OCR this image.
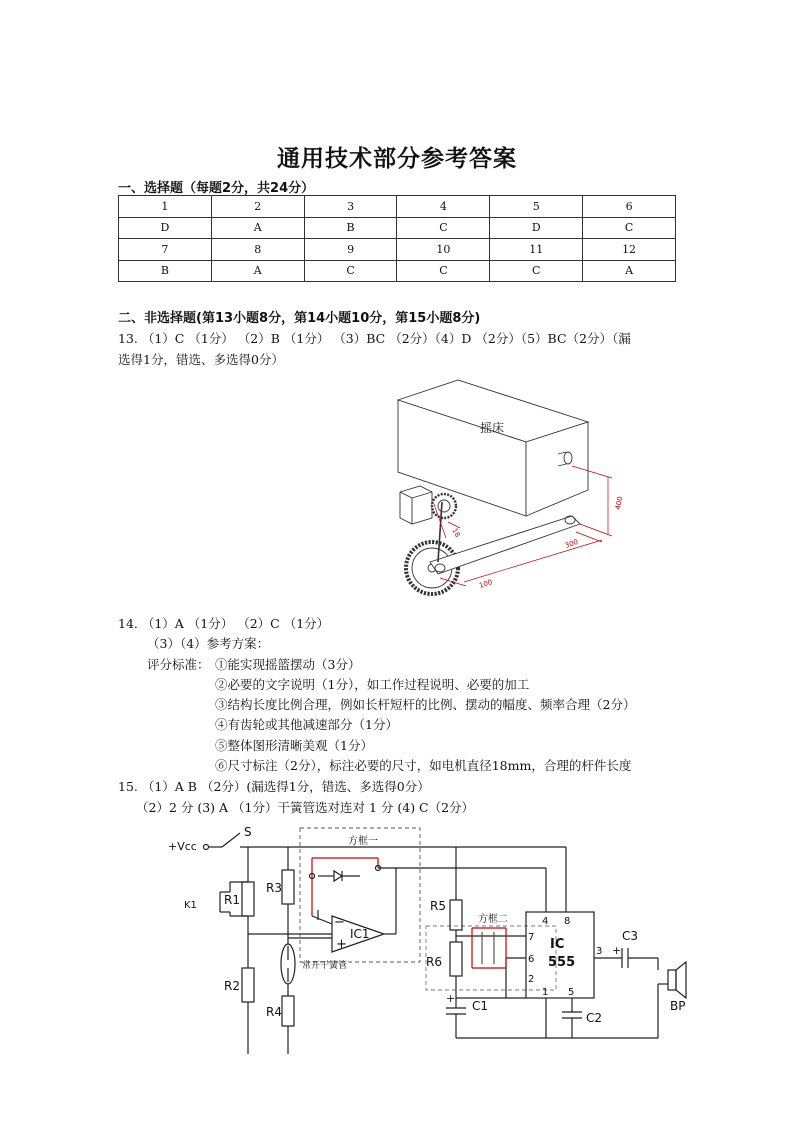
通用技术部分参考答案
一、选择题（每题2分，共24分）
1	2	3	4	5	6
D	A	B	C	D	C
7	8	9	10	11	12
B	A	C	C	C	A
二、非选择题(第13小题8分，第14小题10分，第15小题8分)
13. （1）C （1分） （2）B （1分） （3）BC （2分）（4）D （2分）（5）BC（2分）（漏
选得1分，错选、多选得0分）
400
300
100
18
摇床
14. （1）A （1分） （2）C （1分）
（3）（4）参考方案：
评分标准： ①能实现摇篮摆动（3分）
②必要的文字说明（1分），如工作过程说明、必要的加工
③结构长度比例合理，例如长杆短杆的比例、摆动的幅度、频率合理（2分）
④有齿轮或其他减速部分（1分）
⑤整体图形清晰美观（1分）
⑥尺寸标注（2分），标注必要的尺寸，如电机直径18mm，合理的杆件长度
15. （1）A B （2分）(漏选得1分，错选、多选得0分）
（2）2 分 (3) A （1分）干簧管选对连对 1 分 (4) C（2分）
+Vcc
S
K1 R1
R2
R3
R4
方框一
IC1
−
+
常开干簧管
R5
R6
方框二
C1
+
IC
555
4 8
7
6
3
2
1 5
C2
C3
+
BP
